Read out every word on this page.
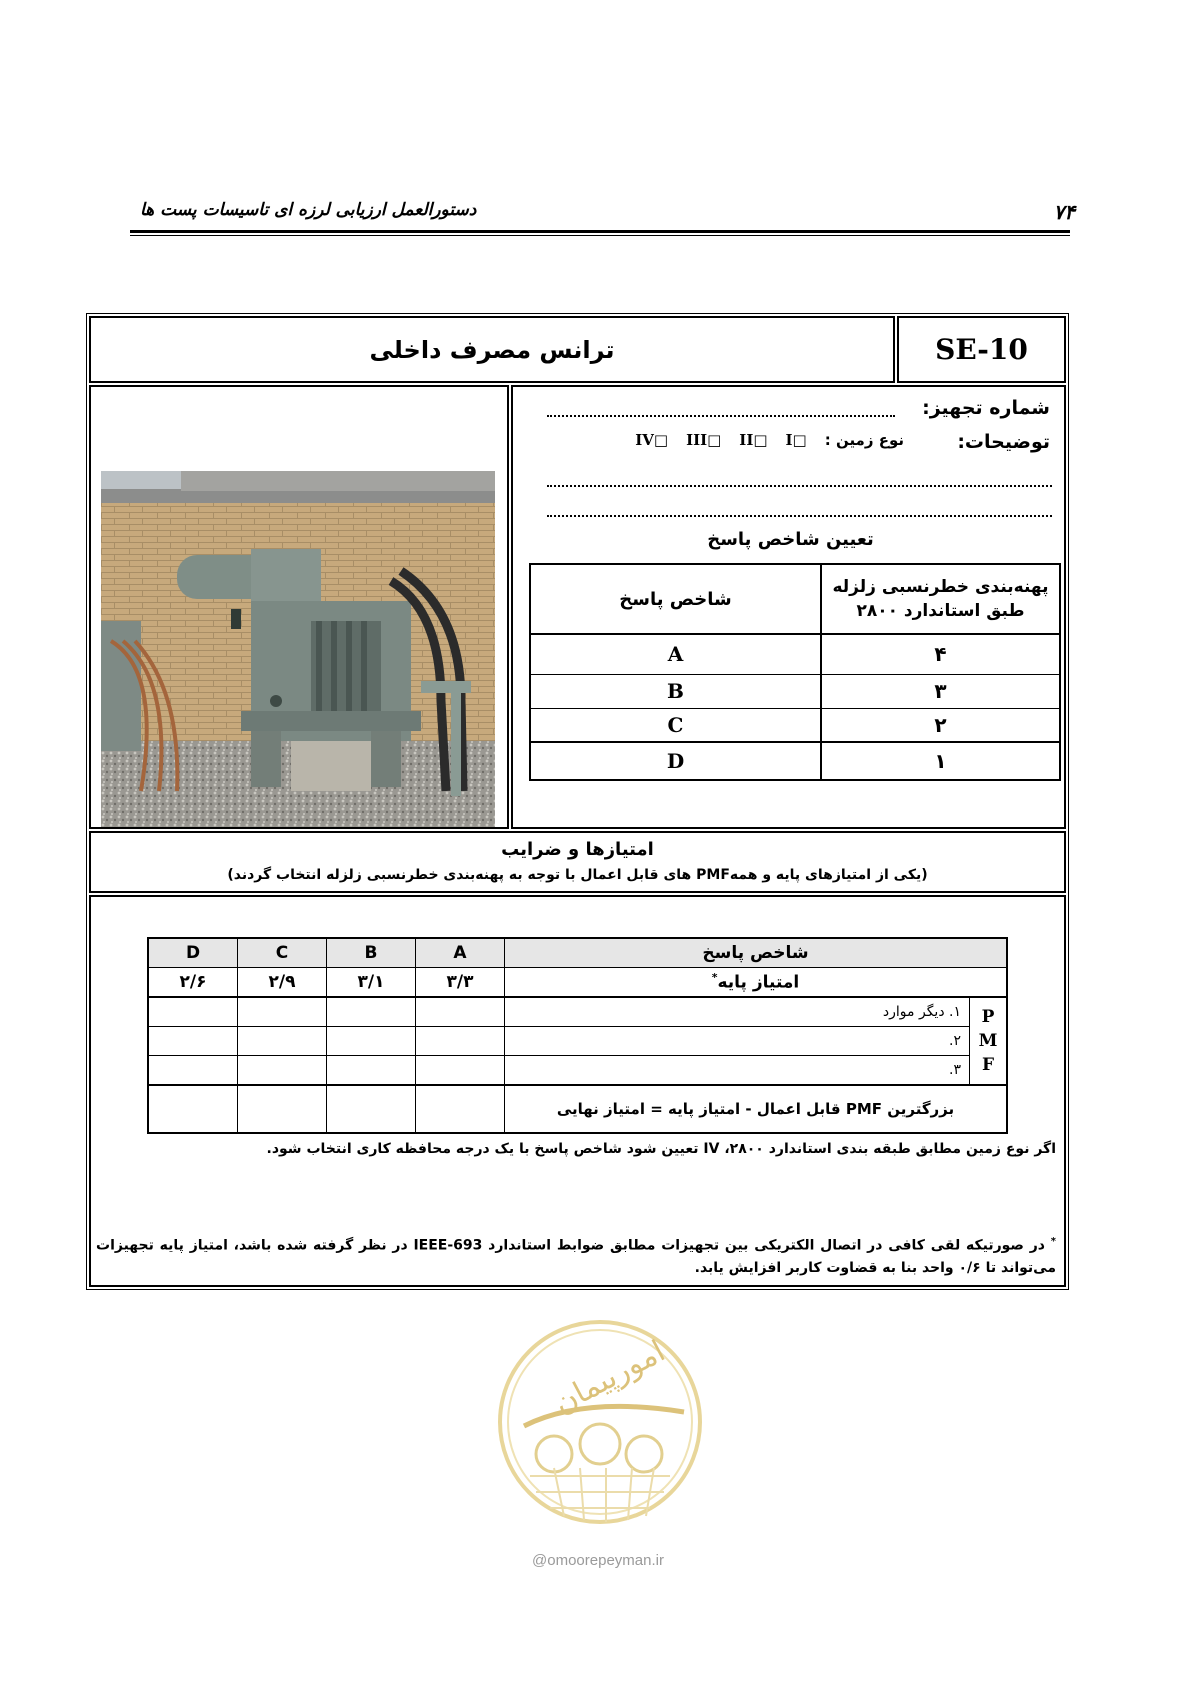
۷۴
دستورالعمل ارزیابی لرزه ای تاسیسات پست ها
SE-10
ترانس مصرف داخلی
شماره تجهیز:
توضیحات:
نوع زمین :
I□
II□
III□
IV□
تعیین شاخص پاسخ
پهنه‌بندی خطرنسبی زلزله طبق استاندارد ۲۸۰۰	شاخص پاسخ
۴	A
۳	B
۲	C
۱	D
امتیازها و ضرایب
(یکی از امتیازهای پایه و همهPMF های قابل اعمال با توجه به پهنه‌بندی خطرنسبی زلزله انتخاب گردند)
شاخص پاسخ		A	B	C	D
امتیاز پایه*		۳/۳	۳/۱	۲/۹	۲/۶

P
M
F	۱. دیگر موارد				
	۲.				
	۳.				
بزرگترین PMF قابل اعمال - امتیاز پایه = امتیاز نهایی					
اگر نوع زمین مطابق طبقه بندی استاندارد ۲۸۰۰، IV تعیین شود شاخص پاسخ با یک درجه محافظه کاری انتخاب شود.
* در صورتیکه لقی کافی در اتصال الکتریکی بین تجهیزات مطابق ضوابط استاندارد IEEE-693 در نظر گرفته شده باشد، امتیاز پایه تجهیزات می‌تواند تا ۰/۶ واحد بنا به قضاوت کاربر افزایش یابد.
امورپیمان
@omoorepeyman.ir
